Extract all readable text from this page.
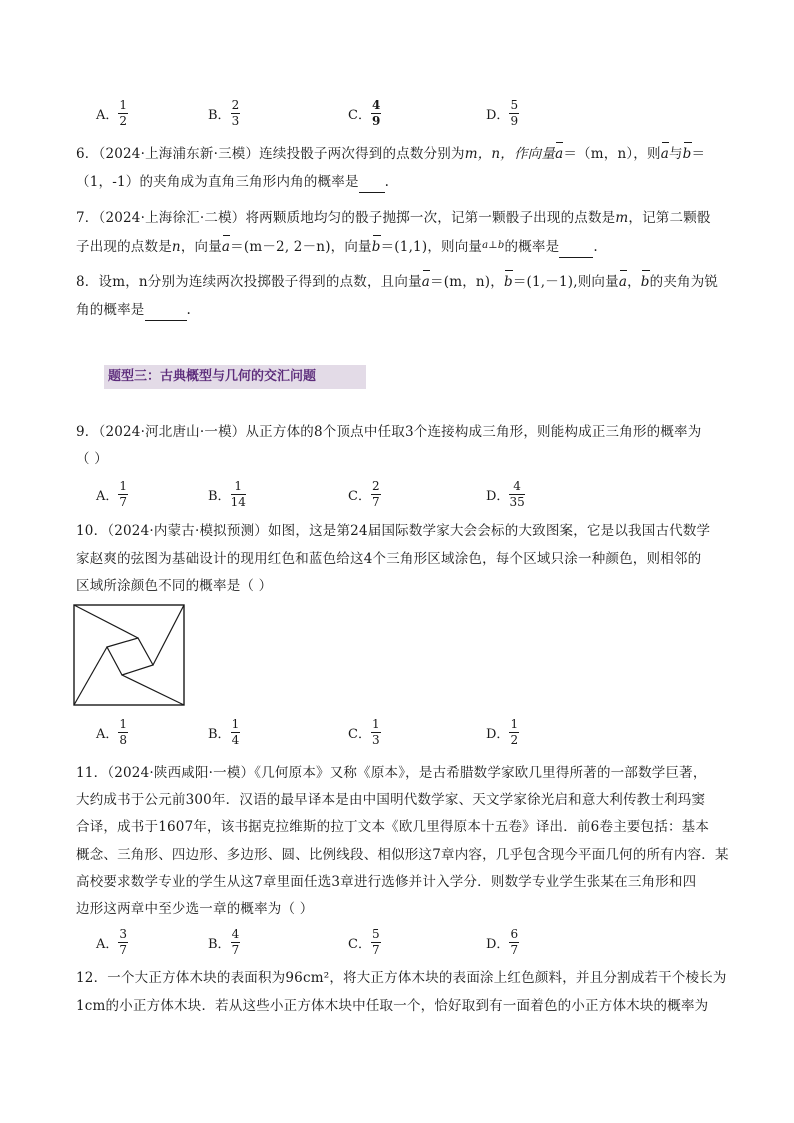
A． $\frac{1}{2}$	B． $\frac{2}{3}$	C． $\frac{4}{9}$	D． $\frac{5}{9}$
6．（2024·上海浦东新·三模）连续投骰子两次得到的点数分别为m，n，作向量a＝（m，n），则a与b＝
（1，-1）的夹角成为直角三角形内角的概率是 .
7．（2024·上海徐汇·二模）将两颗质地均匀的骰子抛掷一次，记第一颗骰子出现的点数是m，记第二颗骰
子出现的点数是n，向量a＝(m－2, 2－n)，向量b＝(1,1)，则向量$^{a\perp b}$的概率是	.
8．设m，n分别为连续两次投掷骰子得到的点数，且向量a＝(m，n)，b＝(1,－1),则向量a，b的夹角为锐
角的概率是	.
题型三：古典概型与几何的交汇问题
9．（2024·河北唐山·一模）从正方体的8个顶点中任取3个连接构成三角形，则能构成正三角形的概率为
（ ）
A． $\frac{1}{7}$	B． $\frac{1}{14}$	C． $\frac{2}{7}$	D． $\frac{4}{35}$
10．（2024·内蒙古·模拟预测）如图，这是第24届国际数学家大会会标的大致图案，它是以我国古代数学
家赵爽的弦图为基础设计的现用红色和蓝色给这4个三角形区域涂色，每个区域只涂一种颜色，则相邻的
区域所涂颜色不同的概率是（ ）
A． $\frac{1}{8}$	B． $\frac{1}{4}$	C． $\frac{1}{3}$	D． $\frac{1}{2}$
11．（2024·陕西咸阳·一模）《几何原本》又称《原本》，是古希腊数学家欧几里得所著的一部数学巨著，
大约成书于公元前300年．汉语的最早译本是由中国明代数学家、天文学家徐光启和意大利传教士利玛窦
合译，成书于1607年，该书据克拉维斯的拉丁文本《欧几里得原本十五卷》译出．前6卷主要包括：基本
概念、三角形、四边形、多边形、圆、比例线段、相似形这7章内容，几乎包含现今平面几何的所有内容．某
高校要求数学专业的学生从这7章里面任选3章进行选修并计入学分．则数学专业学生张某在三角形和四
边形这两章中至少选一章的概率为（ ）
A． $\frac{3}{7}$	B． $\frac{4}{7}$	C． $\frac{5}{7}$	D． $\frac{6}{7}$
12．一个大正方体木块的表面积为96cm²，将大正方体木块的表面涂上红色颜料，并且分割成若干个棱长为
1cm的小正方体木块．若从这些小正方体木块中任取一个，恰好取到有一面着色的小正方体木块的概率为
